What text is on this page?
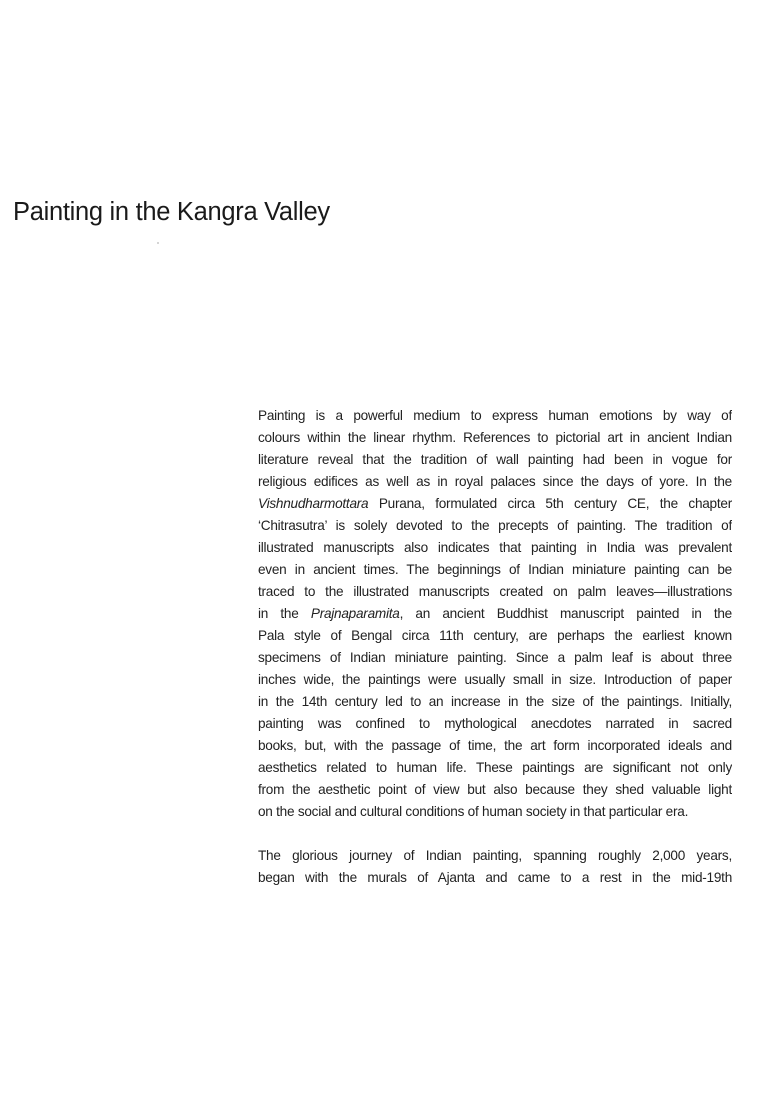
Painting in the Kangra Valley
Painting is a powerful medium to express human emotions by way of
colours within the linear rhythm. References to pictorial art in ancient Indian
literature reveal that the tradition of wall painting had been in vogue for
religious edifices as well as in royal palaces since the days of yore. In the
Vishnudharmottara Purana, formulated circa 5th century CE, the chapter
‘Chitrasutra’ is solely devoted to the precepts of painting. The tradition of
illustrated manuscripts also indicates that painting in India was prevalent
even in ancient times. The beginnings of Indian miniature painting can be
traced to the illustrated manuscripts created on palm leaves—illustrations
in the Prajnaparamita, an ancient Buddhist manuscript painted in the
Pala style of Bengal circa 11th century, are perhaps the earliest known
specimens of Indian miniature painting. Since a palm leaf is about three
inches wide, the paintings were usually small in size. Introduction of paper
in the 14th century led to an increase in the size of the paintings. Initially,
painting was confined to mythological anecdotes narrated in sacred
books, but, with the passage of time, the art form incorporated ideals and
aesthetics related to human life. These paintings are significant not only
from the aesthetic point of view but also because they shed valuable light
on the social and cultural conditions of human society in that particular era.
The glorious journey of Indian painting, spanning roughly 2,000 years,
began with the murals of Ajanta and came to a rest in the mid-19th
